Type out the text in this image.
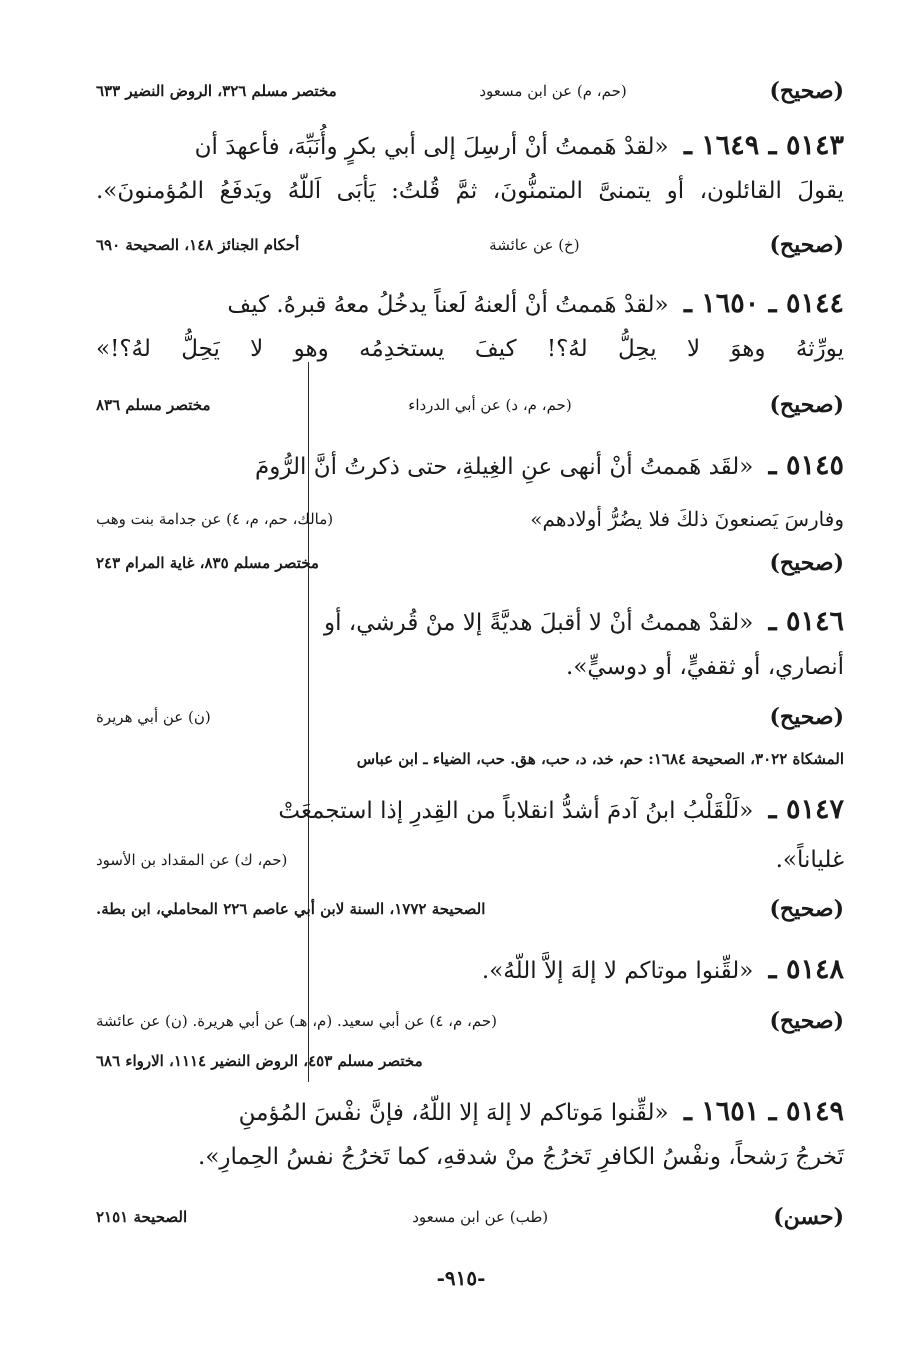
(صحيح)
(حم، م) عن ابن مسعود
مختصر مسلم ٣٢٦، الروض النضير ٦٣٣
٥١٤٣ ـ ١٦٤٩ ـ «لقدْ هَممتُ أنْ أرسِلَ إلى أبي بكرٍ وأُنَبِّهَ، فأعهدَ أن
يقولَ القائلون، أو يتمنىَّ المتمنُّونَ، ثمَّ قُلتُ: يَأبَى اَللّهُ ويَدفَعُ المُؤمنونَ».
(صحيح)
(خ) عن عائشة
أحكام الجنائز ١٤٨، الصحيحة ٦٩٠
٥١٤٤ ـ ١٦٥٠ ـ «لقدْ هَممتُ أنْ ألعنهُ لَعناً يدخُلُ معهُ قبرهُ. كيف
يورِّثهُ وهوَ لا يحِلُّ لهُ؟! كيفَ يستخدِمُه وهو لا يَحِلُّ لهُ؟!»
(صحيح)
(حم، م، د) عن أبي الدرداء
مختصر مسلم ٨٣٦
٥١٤٥ ـ «لقَد هَممتُ أنْ أنهى عنِ الغِيلةِ، حتى ذكرتُ أنَّ الرُّومَ
وفارسَ يَصنعونَ ذلكَ فلا يضُرُّ أولادهم»
(مالك، حم، م، ٤) عن جدامة بنت وهب
(صحيح)
مختصر مسلم ٨٣٥، غاية المرام ٢٤٣
٥١٤٦ ـ «لقدْ هممتُ أنْ لا أقبلَ هديَّةً إلا منْ قُرشي، أو
أنصاري، أو ثقفيٍّ، أو دوسيٍّ».
(صحيح)
(ن) عن أبي هريرة
المشكاة ٣٠٢٢، الصحيحة ١٦٨٤: حم، خد، د، حب، هق. حب، الضياء ـ ابن عباس
٥١٤٧ ـ «لَلْقَلْبُ ابنُ آدمَ أشدُّ انقلاباً من القِدرِ إذا استجمعَتْ
غلياناً».
(حم، ك) عن المقداد بن الأسود
(صحيح)
الصحيحة ١٧٧٢، السنة لابن أبي عاصم ٢٢٦ المحاملي، ابن بطة.
٥١٤٨ ـ «لقِّنوا موتاكم لا إلهَ إلاَّ اللّهُ».
(صحيح)
(حم، م، ٤) عن أبي سعيد. (م، هـ) عن أبي هريرة. (ن) عن عائشة
مختصر مسلم ٤٥٣، الروض النضير ١١١٤، الارواء ٦٨٦
٥١٤٩ ـ ١٦٥١ ـ «لقِّنوا مَوتاكم لا إلهَ إلا اللّهُ، فإنَّ نفْسَ المُؤمنِ
تَخرجُ رَشحاً، ونفْسُ الكافرِ تَخرُجُ منْ شدقهِ، كما تَخرُجُ نفسُ الحِمارِ».
(حسن)
(طب) عن ابن مسعود
الصحيحة ٢١٥١
-٩١٥-
